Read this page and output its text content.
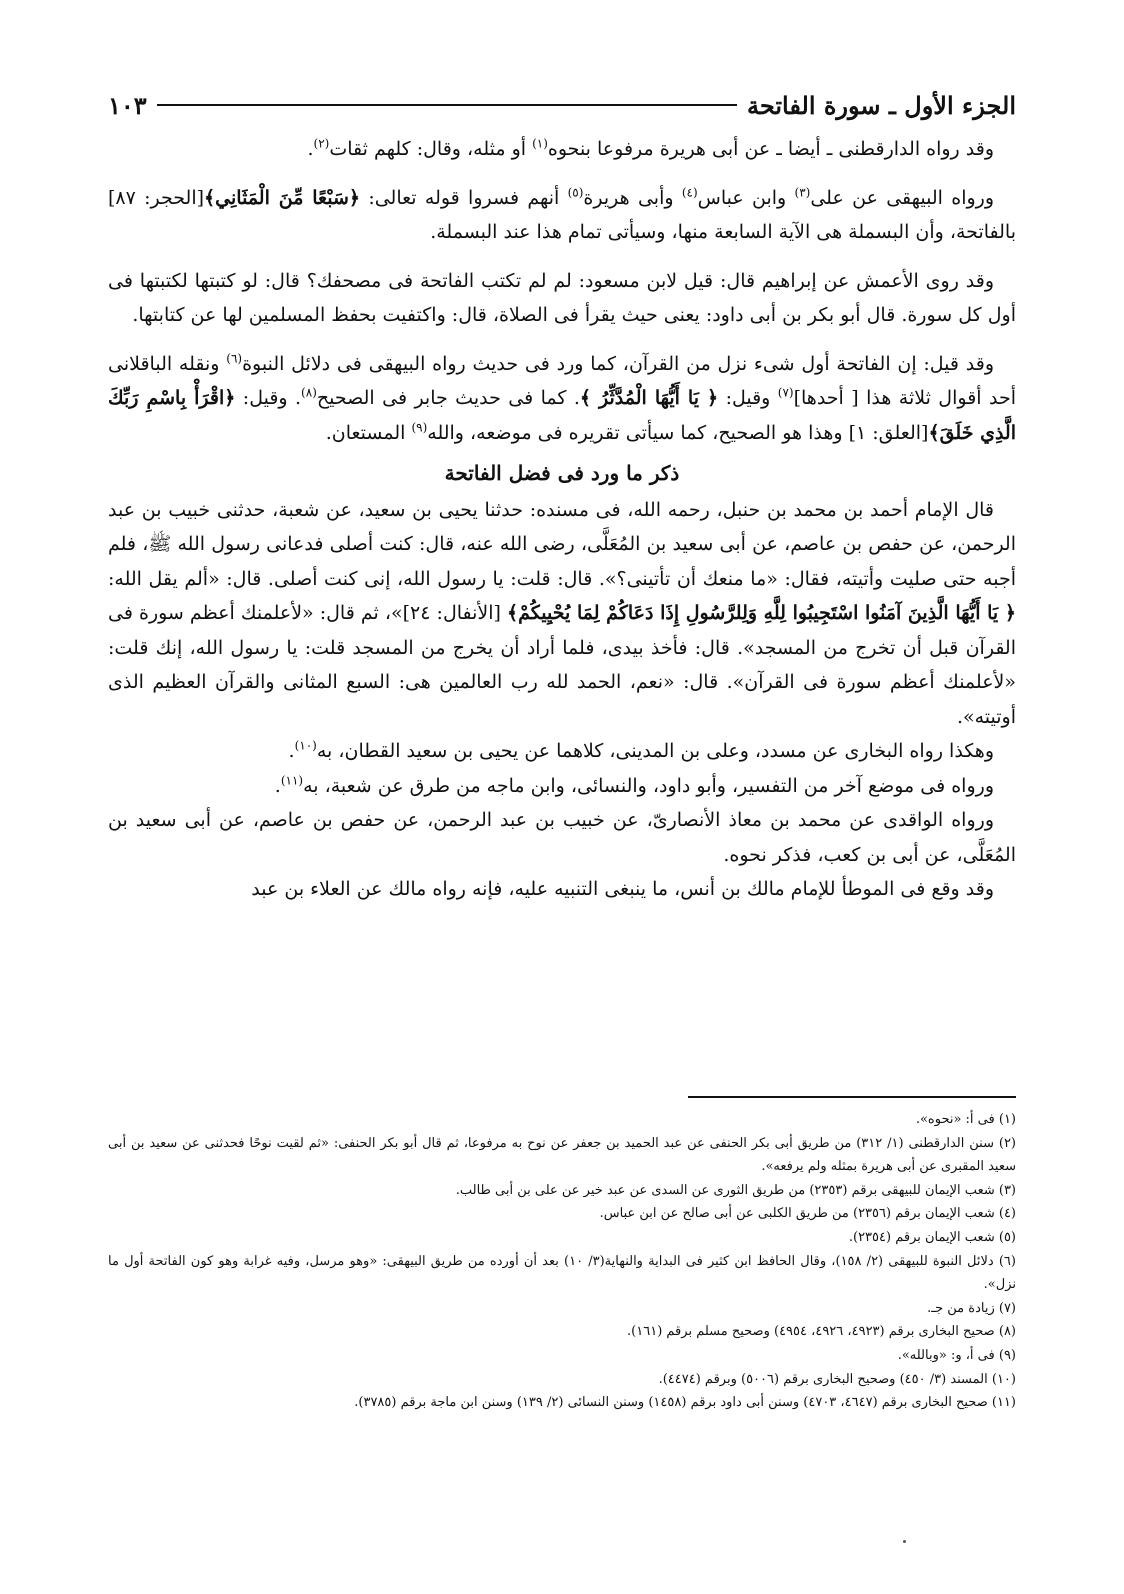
الجزء الأول ـ سورة الفاتحة
١٠٣

وقد رواه الدارقطنى ـ أيضا ـ عن أبى هريرة مرفوعا بنحوه$^{(١)}$ أو مثله، وقال: كلهم ثقات$^{(٢)}$.

ورواه البيهقى عن على$^{(٣)}$ وابن عباس$^{(٤)}$ وأبى هريرة$^{(٥)}$ أنهم فسروا قوله تعالى: ﴿سَبْعًا مِّنَ الْمَثَانِي﴾[الحجر: ٨٧] بالفاتحة، وأن البسملة هى الآية السابعة منها، وسيأتى تمام هذا عند البسملة.

وقد روى الأعمش عن إبراهيم قال: قيل لابن مسعود: لم لم تكتب الفاتحة فى مصحفك؟ قال: لو كتبتها لكتبتها فى أول كل سورة. قال أبو بكر بن أبى داود: يعنى حيث يقرأ فى الصلاة، قال: واكتفيت بحفظ المسلمين لها عن كتابتها.

وقد قيل: إن الفاتحة أول شىء نزل من القرآن، كما ورد فى حديث رواه البيهقى فى دلائل النبوة$^{(٦)}$ ونقله الباقلانى أحد أقوال ثلاثة هذا [ أحدها]$^{(٧)}$ وقيل: ﴿ يَا أَيُّهَا الْمُدَّثِّرُ ﴾. كما فى حديث جابر فى الصحيح$^{(٨)}$. وقيل: ﴿اقْرَأْ بِاسْمِ رَبِّكَ الَّذِي خَلَقَ﴾[العلق: ١] وهذا هو الصحيح، كما سيأتى تقريره فى موضعه، والله$^{(٩)}$ المستعان.

ذكر ما ورد فى فضل الفاتحة

قال الإمام أحمد بن محمد بن حنبل، رحمه الله، فى مسنده: حدثنا يحيى بن سعيد، عن شعبة، حدثنى خبيب بن عبد الرحمن، عن حفص بن عاصم، عن أبى سعيد بن المُعَلَّى، رضى الله عنه، قال: كنت أصلى فدعانى رسول الله ﷺ، فلم أجبه حتى صليت وأتيته، فقال: «ما منعك أن تأتينى؟». قال: قلت: يا رسول الله، إنى كنت أصلى. قال: «ألم يقل الله: ﴿ يَا أَيُّهَا الَّذِينَ آمَنُوا اسْتَجِيبُوا لِلَّهِ وَلِلرَّسُولِ إِذَا دَعَاكُمْ لِمَا يُحْيِيكُمْ﴾ [الأنفال: ٢٤]»، ثم قال: «لأعلمنك أعظم سورة فى القرآن قبل أن تخرج من المسجد». قال: فأخذ بيدى، فلما أراد أن يخرج من المسجد قلت: يا رسول الله، إنك قلت: «لأعلمنك أعظم سورة فى القرآن». قال: «نعم، الحمد لله رب العالمين هى: السبع المثانى والقرآن العظيم الذى أوتيته».

وهكذا رواه البخارى عن مسدد، وعلى بن المدينى، كلاهما عن يحيى بن سعيد القطان، به$^{(١٠)}$.

ورواه فى موضع آخر من التفسير، وأبو داود، والنسائى، وابن ماجه من طرق عن شعبة، به$^{(١١)}$.

ورواه الواقدى عن محمد بن معاذ الأنصارىّ، عن خبيب بن عبد الرحمن، عن حفص بن عاصم، عن أبى سعيد بن المُعَلَّى، عن أبى بن كعب، فذكر نحوه.

وقد وقع فى الموطأ للإمام مالك بن أنس، ما ينبغى التنبيه عليه، فإنه رواه مالك عن العلاء بن عبد

(١) فى أ: «نحوه».

(٢) سنن الدارقطنى (١/ ٣١٢) من طريق أبى بكر الحنفى عن عبد الحميد بن جعفر عن نوح به مرفوعا، ثم قال أبو بكر الحنفى: «ثم لقيت نوحًا فحدثنى عن سعيد بن أبى سعيد المقبرى عن أبى هريرة بمثله ولم يرفعه».

(٣) شعب الإيمان للبيهقى برقم (٢٣٥٣) من طريق الثورى عن السدى عن عبد خير عن على بن أبى طالب.

(٤) شعب الإيمان برقم (٢٣٥٦) من طريق الكلبى عن أبى صالح عن ابن عباس.

(٥) شعب الإيمان برقم (٢٣٥٤).

(٦) دلائل النبوة للبيهقى (٢/ ١٥٨)، وقال الحافظ ابن كثير فى البداية والنهاية(٣/ ١٠) بعد أن أورده من طريق البيهقى: «وهو مرسل، وفيه غرابة وهو كون الفاتحة أول ما نزل».

(٧) زيادة من جـ.

(٨) صحيح البخارى برقم (٤٩٢٣، ٤٩٢٦، ٤٩٥٤) وصحيح مسلم برقم (١٦١).

(٩) فى أ، و: «وبالله».

(١٠) المسند (٣/ ٤٥٠) وصحيح البخارى برقم (٥٠٠٦) وبرقم (٤٤٧٤).

(١١) صحيح البخارى برقم (٤٦٤٧، ٤٧٠٣) وسنن أبى داود برقم (١٤٥٨) وسنن النسائى (٢/ ١٣٩) وسنن ابن ماجة برقم (٣٧٨٥).
